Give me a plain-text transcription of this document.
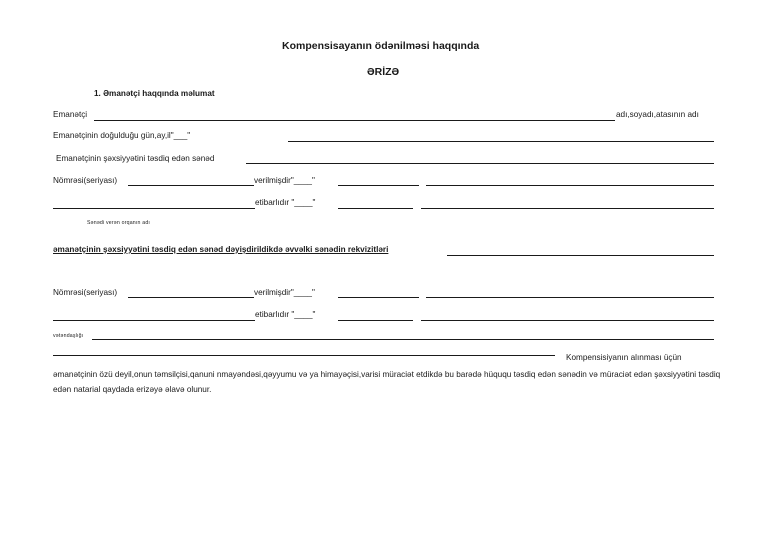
Kompensisayanın ödənilməsi haqqında
ƏRİZƏ
1. Əmanətçi haqqında məlumat
Emanətçi	adı,soyadı,atasının adı
Emanətçinin doğulduğu gün,ay,il"___"
Emanətçinin şəxsiyyətini təsdiq edən sənəd
Nömrəsi(seriyası)	verilmişdir"____"
etibarlıdır "____"
Sənədi verən orqanın adı
əmanətçinin şəxsiyyətini təsdiq edən sənəd dəyişdirildikdə əvvəlki sənədin rekvizitləri
Nömrəsi(seriyası)	verilmişdir"____"
etibarlıdır "____"
vətəndaşlığı
Kompensisiyanın alınması üçün
əmanətçinin özü deyil,onun təmsilçisi,qanuni nmayəndəsi,qəyyumu və ya himayəçisi,varisi müraciət etdikdə bu barədə hüququ təsdiq edən sənədin və müraciət edən şəxsiyyətini təsdiq edən natarial qaydada erizəyə əlavə olunur.
